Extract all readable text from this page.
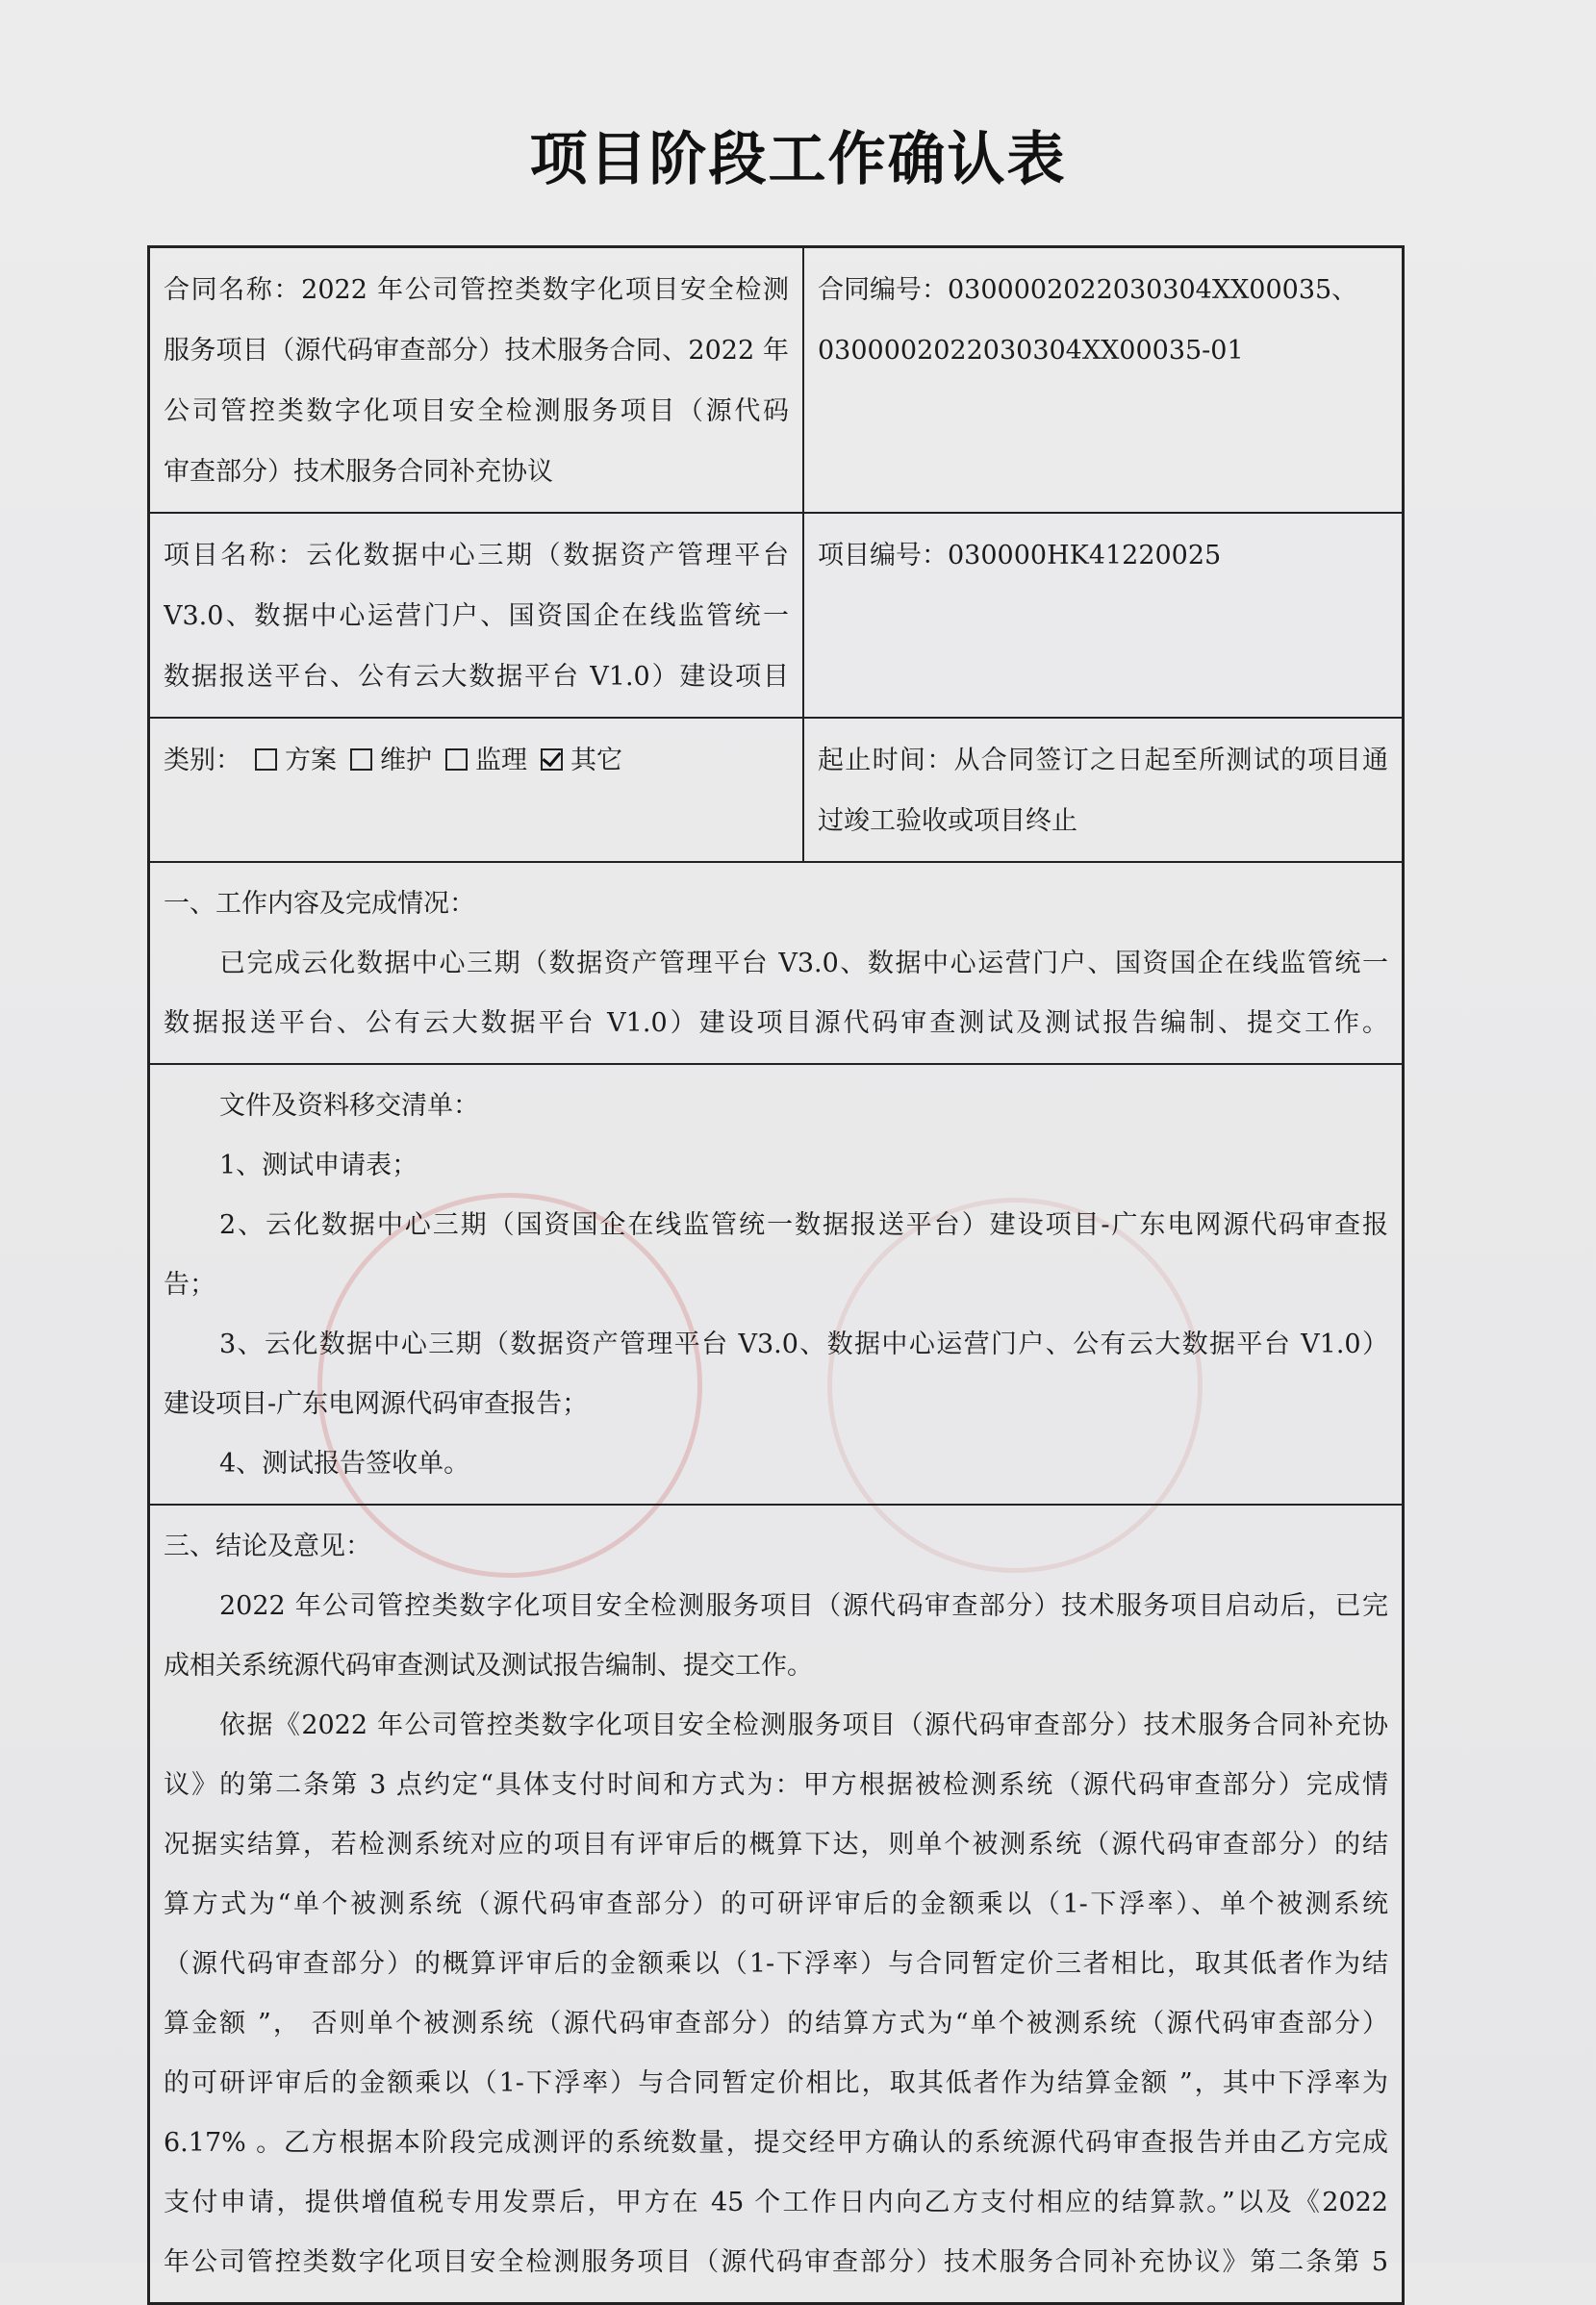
项目阶段工作确认表
合同名称：2022 年公司管控类数字化项目安全检测
服务项目（源代码审查部分）技术服务合同、2022 年
公司管控类数字化项目安全检测服务项目（源代码
审查部分）技术服务合同补充协议
合同编号：0300002022030304XX00035、
0300002022030304XX00035-01
项目名称：云化数据中心三期（数据资产管理平台
V3.0、数据中心运营门户、国资国企在线监管统一
数据报送平台、公有云大数据平台 V1.0）建设项目
项目编号：030000HK41220025
类别： 方案 维护 监理 其它
	起止时间：从合同签订之日起至所测试的项目通
过竣工验收或项目终止
一、工作内容及完成情况：
已完成云化数据中心三期（数据资产管理平台 V3.0、数据中心运营门户、国资国企在线监管统一
数据报送平台、公有云大数据平台 V1.0）建设项目源代码审查测试及测试报告编制、提交工作。
文件及资料移交清单：
1、测试申请表；
2、云化数据中心三期（国资国企在线监管统一数据报送平台）建设项目-广东电网源代码审查报
告；
3、云化数据中心三期（数据资产管理平台 V3.0、数据中心运营门户、公有云大数据平台 V1.0）
建设项目-广东电网源代码审查报告；
4、测试报告签收单。
三、结论及意见：
2022 年公司管控类数字化项目安全检测服务项目（源代码审查部分）技术服务项目启动后，已完
成相关系统源代码审查测试及测试报告编制、提交工作。
依据《2022 年公司管控类数字化项目安全检测服务项目（源代码审查部分）技术服务合同补充协
议》的第二条第 3 点约定“具体支付时间和方式为：甲方根据被检测系统（源代码审查部分）完成情
况据实结算，若检测系统对应的项目有评审后的概算下达，则单个被测系统（源代码审查部分）的结
算方式为“单个被测系统（源代码审查部分）的可研评审后的金额乘以（1-下浮率）、单个被测系统
（源代码审查部分）的概算评审后的金额乘以（1-下浮率）与合同暂定价三者相比，取其低者作为结
算金额 ”， 否则单个被测系统（源代码审查部分）的结算方式为“单个被测系统（源代码审查部分）
的可研评审后的金额乘以（1-下浮率）与合同暂定价相比，取其低者作为结算金额 ”，其中下浮率为
6.17% 。乙方根据本阶段完成测评的系统数量，提交经甲方确认的系统源代码审查报告并由乙方完成
支付申请，提供增值税专用发票后，甲方在 45 个工作日内向乙方支付相应的结算款。”以及《2022
年公司管控类数字化项目安全检测服务项目（源代码审查部分）技术服务合同补充协议》第二条第 5
